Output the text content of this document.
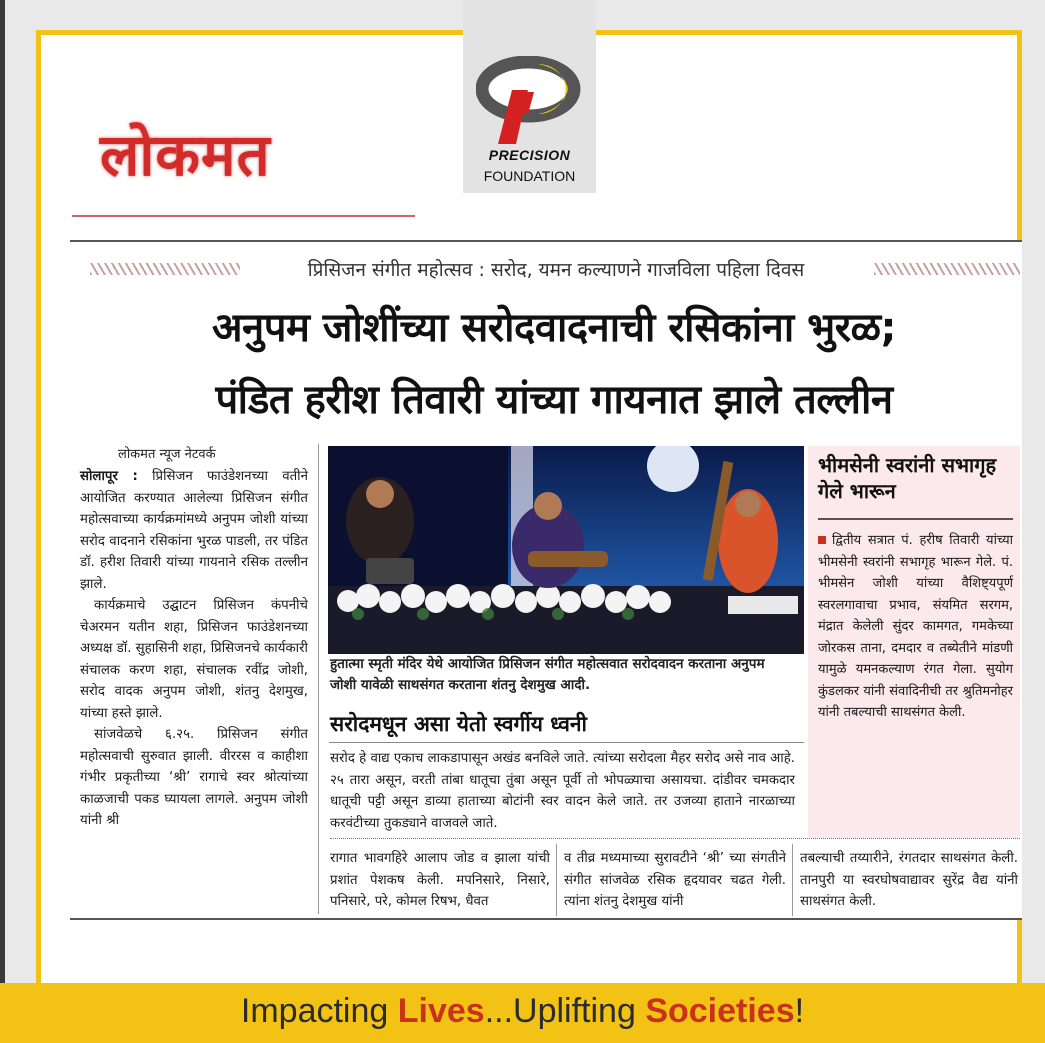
Impacting Lives...Uplifting Societies!
PRECISION
FOUNDATION
लोकमत
प्रिसिजन संगीत महोत्सव : सरोद, यमन कल्याणने गाजविला पहिला दिवस
अनुपम जोशींच्या सरोदवादनाची रसिकांना भुरळ;
पंडित हरीश तिवारी यांच्या गायनात झाले तल्लीन
लोकमत न्यूज नेटवर्क

सोलापूर : प्रिसिजन फाउंडेशनच्या वतीने आयोजित करण्यात आलेल्या प्रिसिजन संगीत महोत्सवाच्या कार्यक्रमांमध्ये अनुपम जोशी यांच्या सरोद वादनाने रसिकांना भुरळ पाडली, तर पंडित डॉ. हरीश तिवारी यांच्या गायनाने रसिक तल्लीन झाले.

कार्यक्रमाचे उद्घाटन प्रिसिजन कंपनीचे चेअरमन यतीन शहा, प्रिसिजन फाउंडेशनच्या अध्यक्ष डॉ. सुहासिनी शहा, प्रिसिजनचे कार्यकारी संचालक करण शहा, संचालक रवींद्र जोशी, सरोद वादक अनुपम जोशी, शंतनु देशमुख, यांच्या हस्ते झाले.

सांजवेळचे ६.२५. प्रिसिजन संगीत महोत्सवाची सुरुवात झाली. वीररस व काहीशा गंभीर प्रकृतीच्या ‘श्री’ रागाचे स्वर श्रोत्यांच्या काळजाची पकड घ्यायला लागले. अनुपम जोशी यांनी श्री

हुतात्मा स्मृती मंदिर येथे आयोजित प्रिसिजन संगीत महोत्सवात सरोदवादन करताना अनुपम जोशी यावेळी साथसंगत करताना शंतनु देशमुख आदी.
सरोदमधून असा येतो स्वर्गीय ध्वनी

सरोद हे वाद्य एकाच लाकडापासून अखंड बनविले जाते. त्यांच्या सरोदला मैहर सरोद असे नाव आहे. २५ तारा असून, वरती तांबा धातूचा तुंबा असून पूर्वी तो भोपळ्याचा असायचा. दांडीवर चमकदार धातूची पट्टी असून डाव्या हाताच्या बोटांनी स्वर वादन केले जाते. तर उजव्या हाताने नारळाच्या करवंटीच्या तुकड्याने वाजवले जाते.

भीमसेनी स्वरांनी सभागृह गेले भारून

द्वितीय सत्रात पं. हरीष तिवारी यांच्या भीमसेनी स्वरांनी सभागृह भारून गेले. पं. भीमसेन जोशी यांच्या वैशिष्ट्यपूर्ण स्वरलगावाचा प्रभाव, संयमित सरगम, मंद्रात केलेली सुंदर कामगत, गमकेच्या जोरकस ताना, दमदार व तब्येतीने मांडणी यामुळे यमनकल्याण रंगत गेला. सुयोग कुंडलकर यांनी संवादिनीची तर श्रुतिमनोहर यांनी तबल्याची साथसंगत केली.

रागात भावगहिरे आलाप जोड व झाला यांची प्रशांत पेशकष केली. मपनिसारे, निसारे, पनिसारे, परे, कोमल रिषभ, धैवत

व तीव्र मध्यमाच्या सुरावटीने ‘श्री’ च्या संगतीने संगीत सांजवेळ रसिक हृदयावर चढत गेली. त्यांना शंतनु देशमुख यांनी

तबल्याची तय्यारीने, रंगतदार साथसंगत केली. तानपुरी या स्वरघोषवाद्यावर सुरेंद्र वैद्य यांनी साथसंगत केली.
